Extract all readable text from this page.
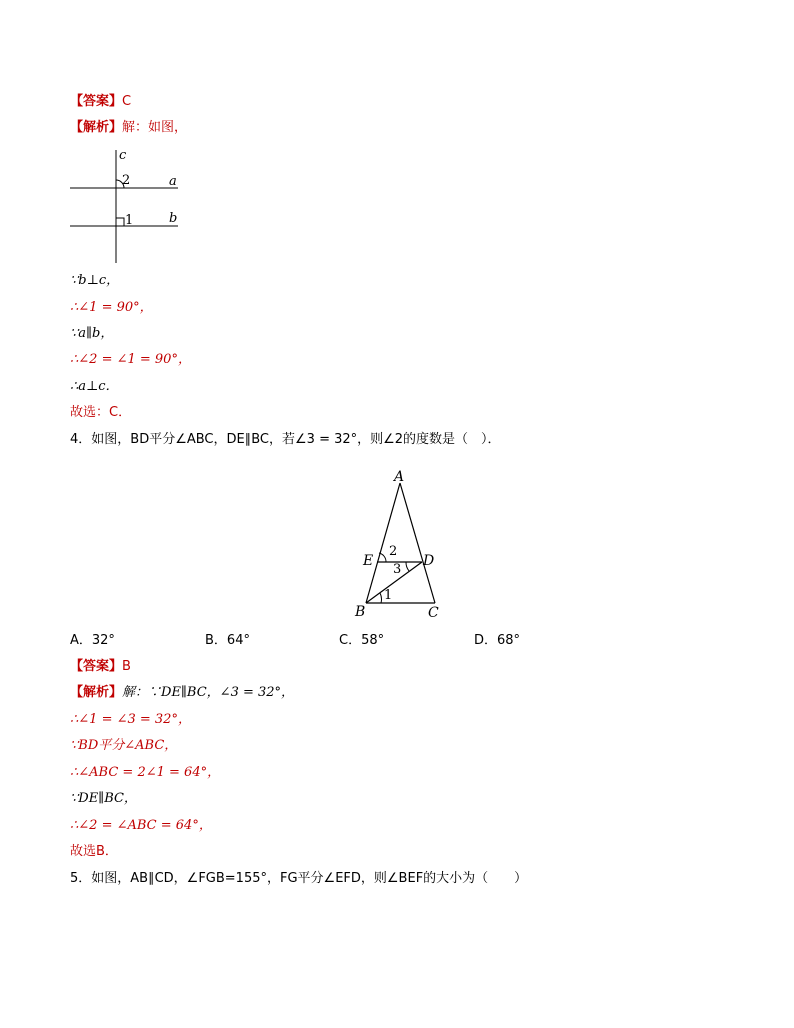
【答案】C
【解析】解：如图，
c
2	a
b
1
∵b⊥c，
∴∠1 = 90°，
∵a∥b，
∴∠2 = ∠1 = 90°，
∴a⊥c．
故选：C．
4．如图，BD平分∠ABC，DE∥BC，若∠3 = 32°，则∠2的度数是（　）．
A
E	D
B	C
2
3
1
A．32°	B．64°	C．58°	D．68°
【答案】B
【解析】解：∵DE∥BC，∠3 = 32°，
∴∠1 = ∠3 = 32°，
∵BD平分∠ABC，
∴∠ABC = 2∠1 = 64°，
∵DE∥BC，
∴∠2 = ∠ABC = 64°，
故选B．
5．如图，AB∥CD，∠FGB=155°，FG平分∠EFD，则∠BEF的大小为（　　）
